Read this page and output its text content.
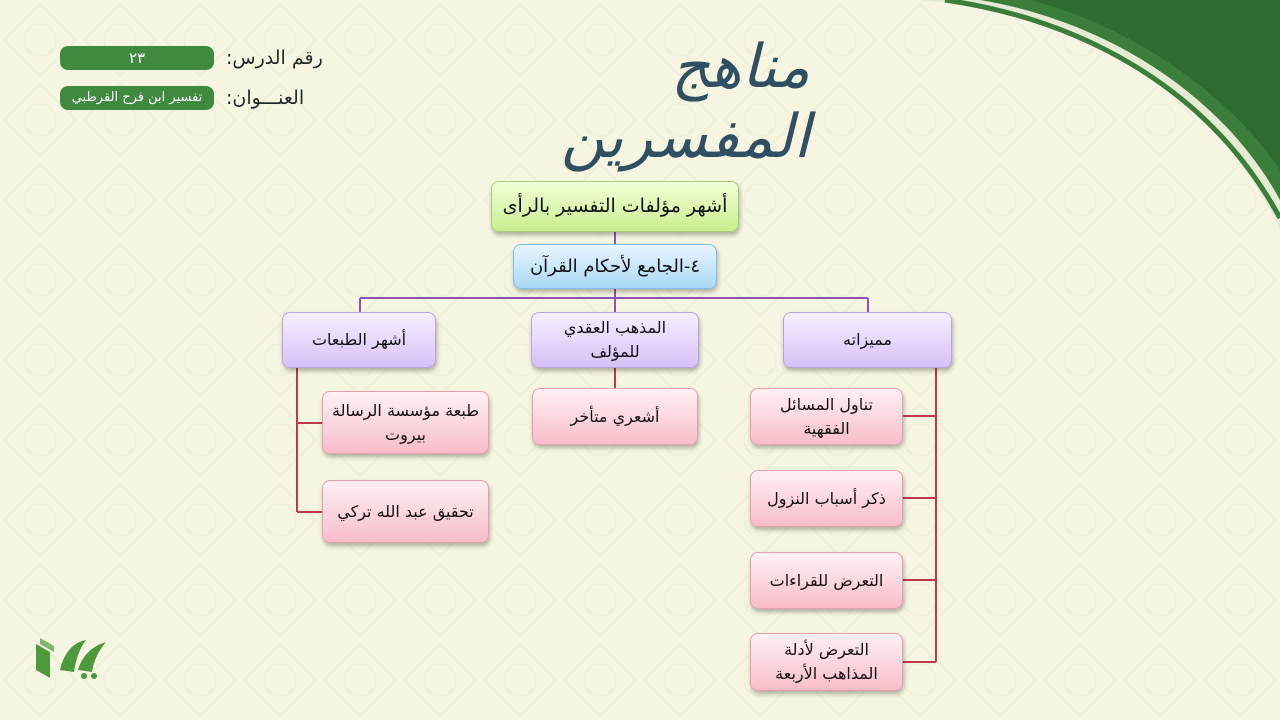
٢٣	رقم الدرس:
تفسير ابن فرح القرطبي	العنـــوان:	مناهج المفسرين
أشهر مؤلفات التفسير بالرأى
٤-الجامع لأحكام القرآن
أشهر الطبعات
المذهب العقدي للمؤلف
مميزاته
طبعة مؤسسة الرسالة بيروت
تحقيق عبد الله تركي
أشعري متأخر
تناول المسائل الفقهية
ذكر أسباب النزول
التعرض للقراءات
التعرض لأدلة المذاهب الأربعة
